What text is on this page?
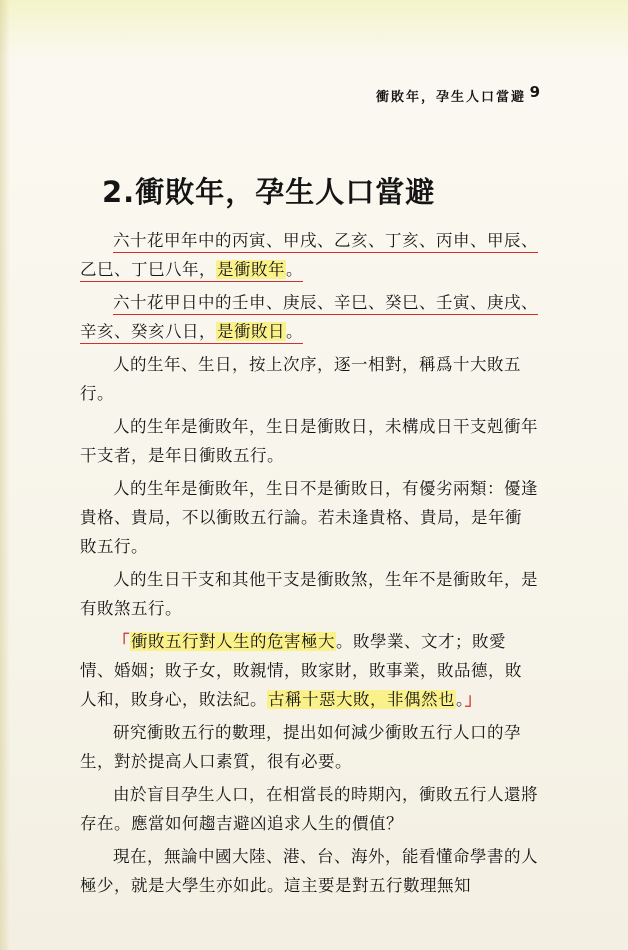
衝敗年，孕生人口當避 9
2.衝敗年，孕生人口當避

六十花甲年中的丙寅、甲戌、乙亥、丁亥、丙申、甲辰、乙巳、丁巳八年，是衝敗年。

六十花甲日中的壬申、庚辰、辛巳、癸巳、壬寅、庚戌、辛亥、癸亥八日，是衝敗日。

人的生年、生日，按上次序，逐一相對，稱爲十大敗五行。

人的生年是衝敗年，生日是衝敗日，未構成日干支剋衝年干支者，是年日衝敗五行。

人的生年是衝敗年，生日不是衝敗日，有優劣兩類：優逢貴格、貴局，不以衝敗五行論。若未逢貴格、貴局，是年衝敗五行。

人的生日干支和其他干支是衝敗煞，生年不是衝敗年，是有敗煞五行。

「衝敗五行對人生的危害極大。敗學業、文才；敗愛情、婚姻；敗子女，敗親情，敗家財，敗事業，敗品德，敗人和，敗身心，敗法紀。古稱十惡大敗，非偶然也。」

研究衝敗五行的數理，提出如何減少衝敗五行人口的孕生，對於提高人口素質，很有必要。

由於盲目孕生人口，在相當長的時期內，衝敗五行人還將存在。應當如何趨吉避凶追求人生的價值？

現在，無論中國大陸、港、台、海外，能看懂命學書的人極少，就是大學生亦如此。這主要是對五行數理無知
